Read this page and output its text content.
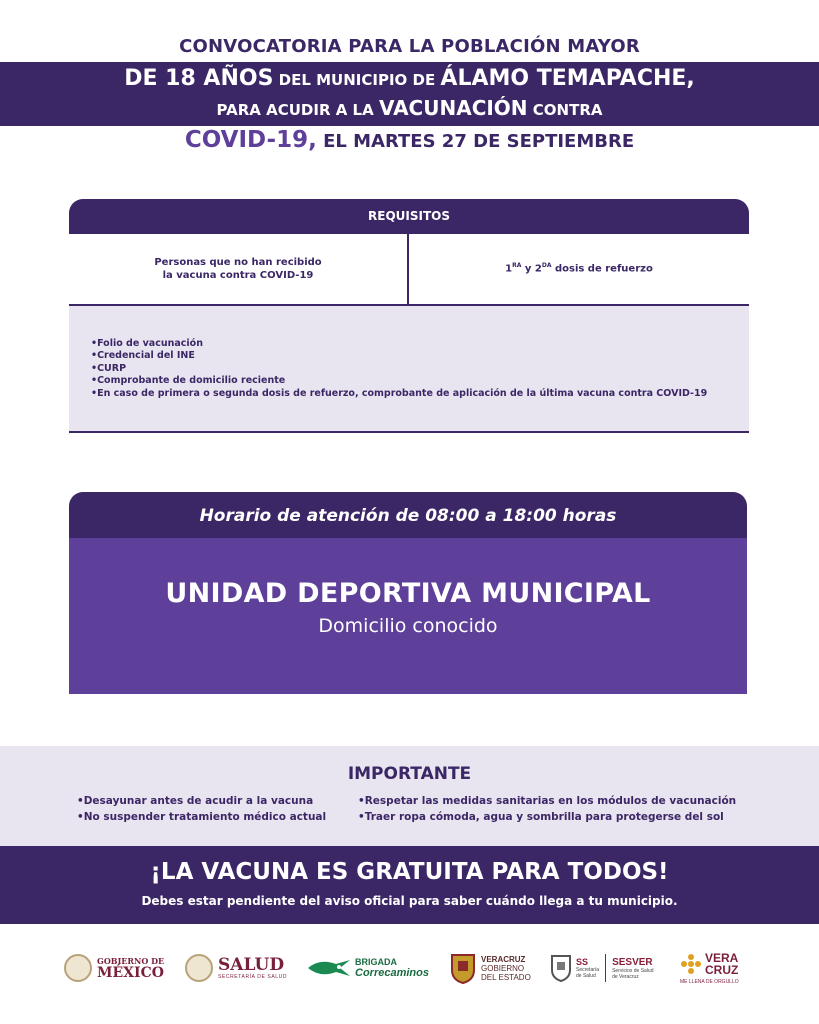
CONVOCATORIA PARA LA POBLACIÓN MAYOR
DE 18 AÑOS DEL MUNICIPIO DE ÁLAMO TEMAPACHE,
PARA ACUDIR A LA VACUNACIÓN CONTRA
COVID-19, EL MARTES 27 DE SEPTIEMBRE
REQUISITOS
Personas que no han recibido
la vacuna contra COVID-19
$1^{RA}$ y $2^{DA}$ dosis de refuerzo
• Folio de vacunación
• Credencial del INE
• CURP
• Comprobante de domicilio reciente
• En caso de primera o segunda dosis de refuerzo, comprobante de aplicación de la última vacuna contra COVID-19
Horario de atención de 08:00 a 18:00 horas
UNIDAD DEPORTIVA MUNICIPAL
Domicilio conocido
IMPORTANTE
• Desayunar antes de acudir a la vacuna
• No suspender tratamiento médico actual
• Respetar las medidas sanitarias en los módulos de vacunación
• Traer ropa cómoda, agua y sombrilla para protegerse del sol
¡LA VACUNA ES GRATUITA PARA TODOS!
Debes estar pendiente del aviso oficial para saber cuándo llega a tu municipio.
GOBIERNO DE
MÉXICO	SALUD
SECRETARÍA DE SALUD
BRIGADA
Correcaminos
VERACRUZ
GOBIERNO
DEL ESTADO
SS
Secretaría
de Salud
SESVER
Servicios de Salud
de Veracruz
VERA
CRUZ
ME LLENA DE ORGULLO
